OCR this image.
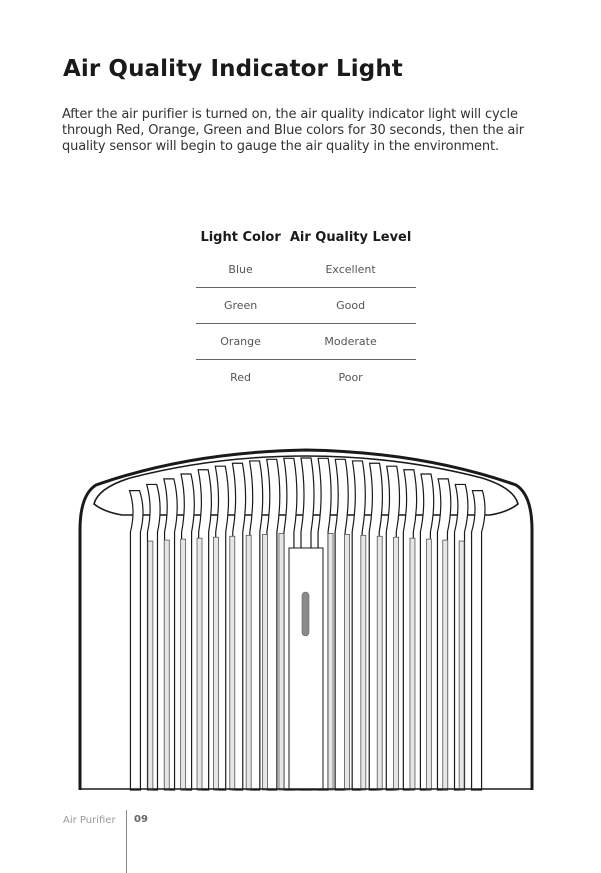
Air Quality Indicator Light

After the air purifier is turned on, the air quality indicator light will cycle through Red, Orange, Green and Blue colors for 30 seconds, then the air quality sensor will begin to gauge the air quality in the environment.

Light Color	Air Quality Level
Blue	Excellent
Green	Good
Orange	Moderate
Red	Poor
Air Purifier 09
